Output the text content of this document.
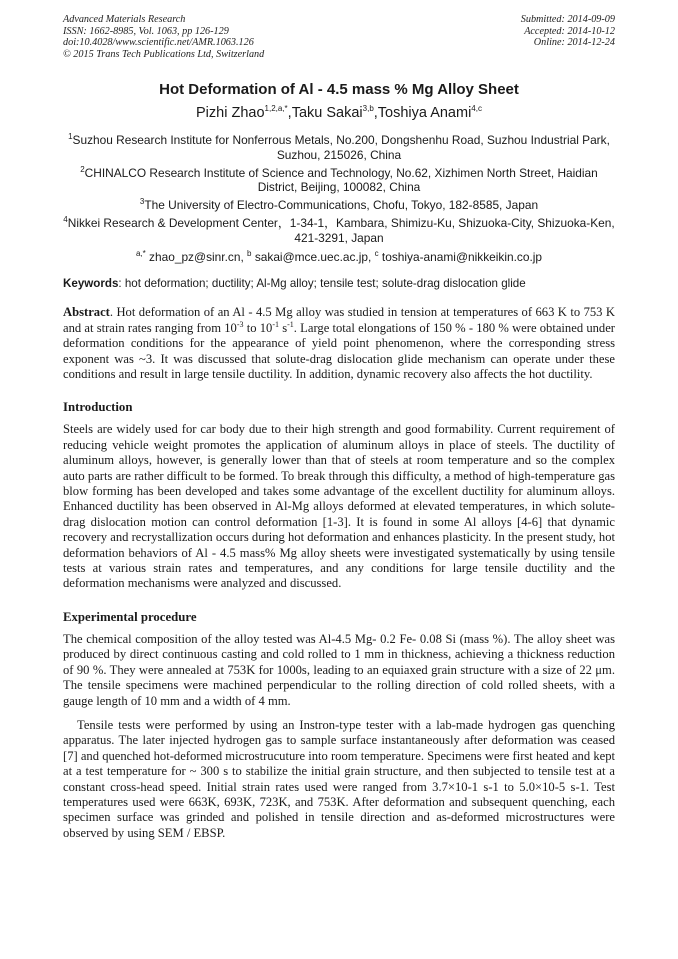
Advanced Materials Research
ISSN: 1662-8985, Vol. 1063, pp 126-129
doi:10.4028/www.scientific.net/AMR.1063.126
© 2015 Trans Tech Publications Ltd, Switzerland
Submitted: 2014-09-09
Accepted: 2014-10-12
Online: 2014-12-24
Hot Deformation of Al - 4.5 mass % Mg Alloy Sheet
Pizhi Zhao$^{1,2,a,*}$,Taku Sakai$^{3,b}$,Toshiya Anami$^{4,c}$
$^1$Suzhou Research Institute for Nonferrous Metals, No.200, Dongshenhu Road, Suzhou Industrial Park, Suzhou, 215026, China
$^2$CHINALCO Research Institute of Science and Technology, No.62, Xizhimen North Street, Haidian District, Beijing, 100082, China
$^3$The University of Electro-Communications, Chofu, Tokyo, 182-8585, Japan
$^4$Nikkei Research & Development Center，1-34-1，Kambara, Shimizu-Ku, Shizuoka-City, Shizuoka-Ken, 421-3291, Japan
$^{a,*}$ zhao_pz@sinr.cn, $^b$ sakai@mce.uec.ac.jp, $^c$ toshiya-anami@nikkeikin.co.jp
Keywords: hot deformation; ductility; Al-Mg alloy; tensile test; solute-drag dislocation glide
Abstract. Hot deformation of an Al - 4.5 Mg alloy was studied in tension at temperatures of 663 K to 753 K and at strain rates ranging from $10^{-3}$ to $10^{-1}$ $s^{-1}$. Large total elongations of 150 % - 180 % were obtained under deformation conditions for the appearance of yield point phenomenon, where the corresponding stress exponent was ~3. It was discussed that solute-drag dislocation glide mechanism can operate under these conditions and result in large tensile ductility. In addition, dynamic recovery also affects the hot ductility.
Introduction

Steels are widely used for car body due to their high strength and good formability. Current requirement of reducing vehicle weight promotes the application of aluminum alloys in place of steels. The ductility of aluminum alloys, however, is generally lower than that of steels at room temperature and so the complex auto parts are rather difficult to be formed. To break through this difficulty, a method of high-temperature gas blow forming has been developed and takes some advantage of the excellent ductility for aluminum alloys. Enhanced ductility has been observed in Al-Mg alloys deformed at elevated temperatures, in which solute-drag dislocation motion can control deformation [1-3]. It is found in some Al alloys [4-6] that dynamic recovery and recrystallization occurs during hot deformation and enhances plasticity. In the present study, hot deformation behaviors of Al - 4.5 mass% Mg alloy sheets were investigated systematically by using tensile tests at various strain rates and temperatures, and any conditions for large tensile ductility and the deformation mechanisms were analyzed and discussed.

Experimental procedure

The chemical composition of the alloy tested was Al-4.5 Mg- 0.2 Fe- 0.08 Si (mass %). The alloy sheet was produced by direct continuous casting and cold rolled to 1 mm in thickness, achieving a thickness reduction of 90 %. They were annealed at 753K for 1000s, leading to an equiaxed grain structure with a size of 22 μm. The tensile specimens were machined perpendicular to the rolling direction of cold rolled sheets, with a gauge length of 10 mm and a width of 4 mm.

Tensile tests were performed by using an Instron-type tester with a lab-made hydrogen gas quenching apparatus. The later injected hydrogen gas to sample surface instantaneously after deformation was ceased [7] and quenched hot-deformed microstrucuture into room temperature. Specimens were first heated and kept at a test temperature for ~ 300 s to stabilize the initial grain structure, and then subjected to tensile test at a constant cross-head speed. Initial strain rates used were ranged from 3.7×10-1 s-1 to 5.0×10-5 s-1. Test temperatures used were 663K, 693K, 723K, and 753K. After deformation and subsequent quenching, each specimen surface was grinded and polished in tensile direction and as-deformed microstructures were observed by using SEM / EBSP.
